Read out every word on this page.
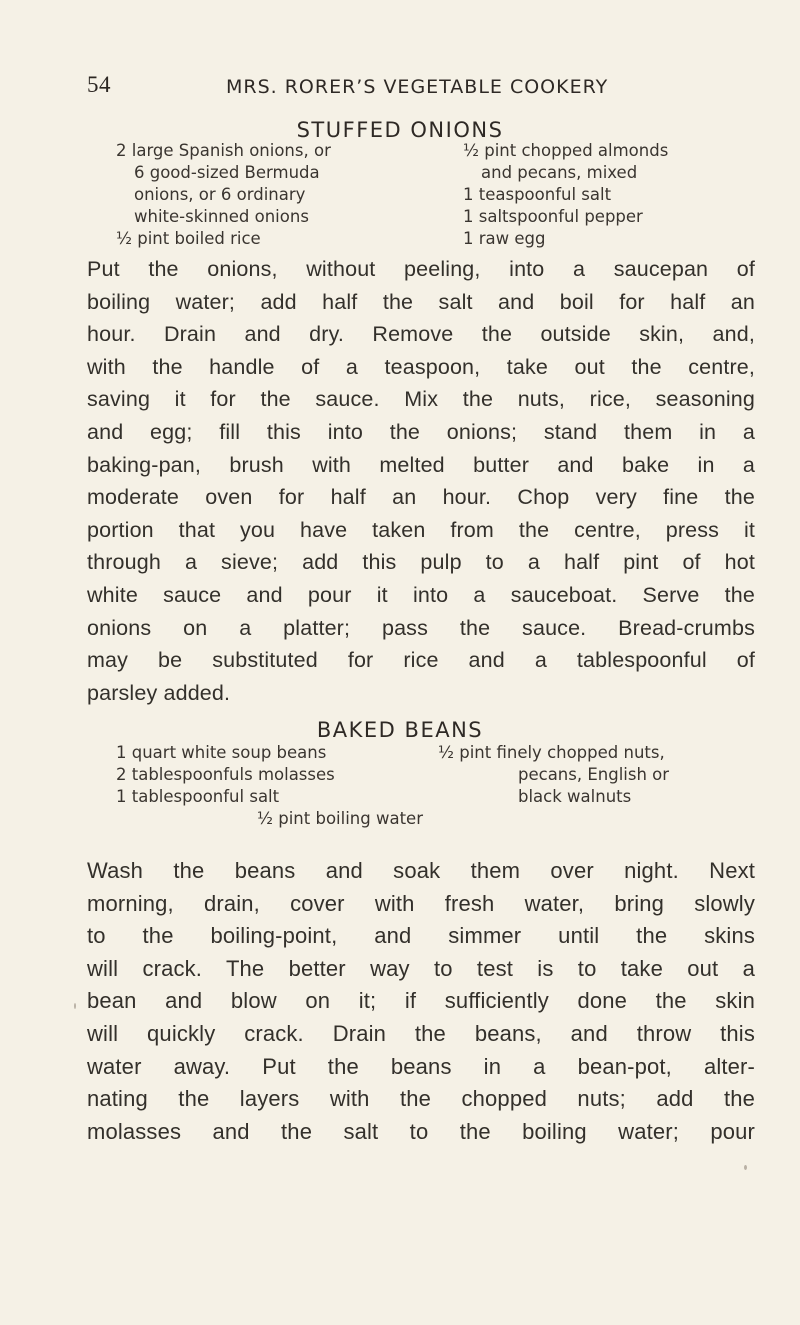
54	MRS. RORER’S VEGETABLE COOKERY
STUFFED ONIONS
2 large Spanish onions, or
6 good-sized Bermuda
onions, or 6 ordinary
white-skinned onions
½ pint boiled rice
½ pint chopped almonds
and pecans, mixed
1 teaspoonful salt
1 saltspoonful pepper
1 raw egg
Put the onions, without peeling, into a saucepan of
boiling water; add half the salt and boil for half an
hour. Drain and dry. Remove the outside skin, and,
with the handle of a teaspoon, take out the centre,
saving it for the sauce. Mix the nuts, rice, seasoning
and egg; fill this into the onions; stand them in a
baking-pan, brush with melted butter and bake in a
moderate oven for half an hour. Chop very fine the
portion that you have taken from the centre, press it
through a sieve; add this pulp to a half pint of hot
white sauce and pour it into a sauceboat. Serve the
onions on a platter; pass the sauce. Bread-crumbs
may be substituted for rice and a tablespoonful of
parsley added.
BAKED BEANS
1 quart white soup beans
2 tablespoonfuls molasses
1 tablespoonful salt
½ pint finely chopped nuts,
pecans, English or
black walnuts
½ pint boiling water
Wash the beans and soak them over night. Next
morning, drain, cover with fresh water, bring slowly
to the boiling-point, and simmer until the skins
will crack. The better way to test is to take out a
bean and blow on it; if sufficiently done the skin
will quickly crack. Drain the beans, and throw this
water away. Put the beans in a bean-pot, alter-
nating the layers with the chopped nuts; add the
molasses and the salt to the boiling water; pour
